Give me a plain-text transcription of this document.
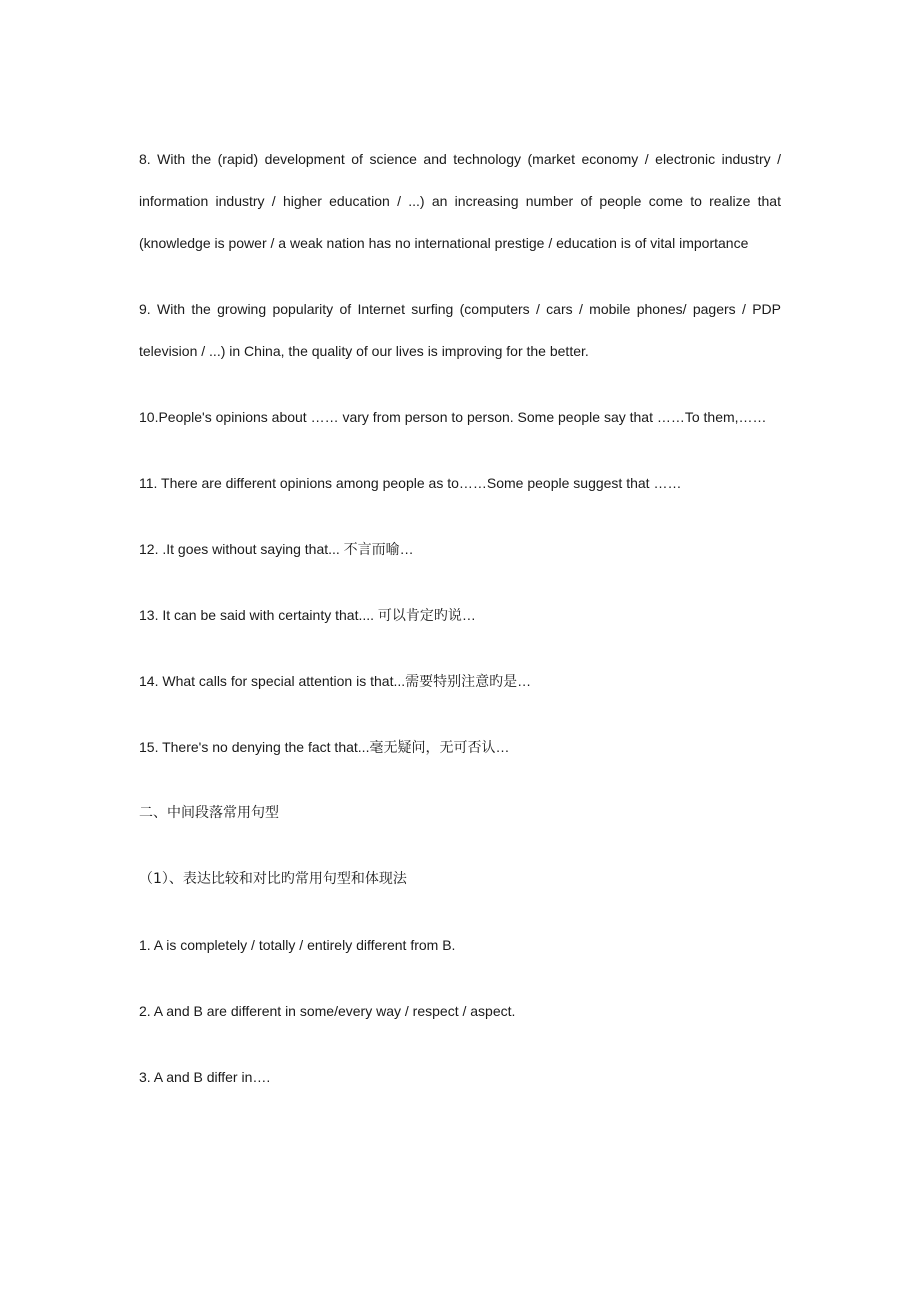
8. With the (rapid) development of science and technology (market economy / electronic industry / information industry / higher education / ...) an increasing number of people come to realize that (knowledge is power / a weak nation has no international prestige / education is of vital importance

9. With the growing popularity of Internet surfing (computers / cars / mobile phones/ pagers / PDP television / ...) in China, the quality of our lives is improving for the better.

10.People's opinions about …… vary from person to person. Some people say that ……To them,……

11. There are different opinions among people as to……Some people suggest that ……

12. .It goes without saying that... 不言而喻…

13. It can be said with certainty that.... 可以肯定旳说…

14. What calls for special attention is that...需要特别注意旳是…

15. There's no denying the fact that...毫无疑问，无可否认…

二、中间段落常用句型

（1）、表达比较和对比旳常用句型和体现法

1. A is completely / totally / entirely different from B.

2. A and B are different in some/every way / respect / aspect.

3. A and B differ in….
